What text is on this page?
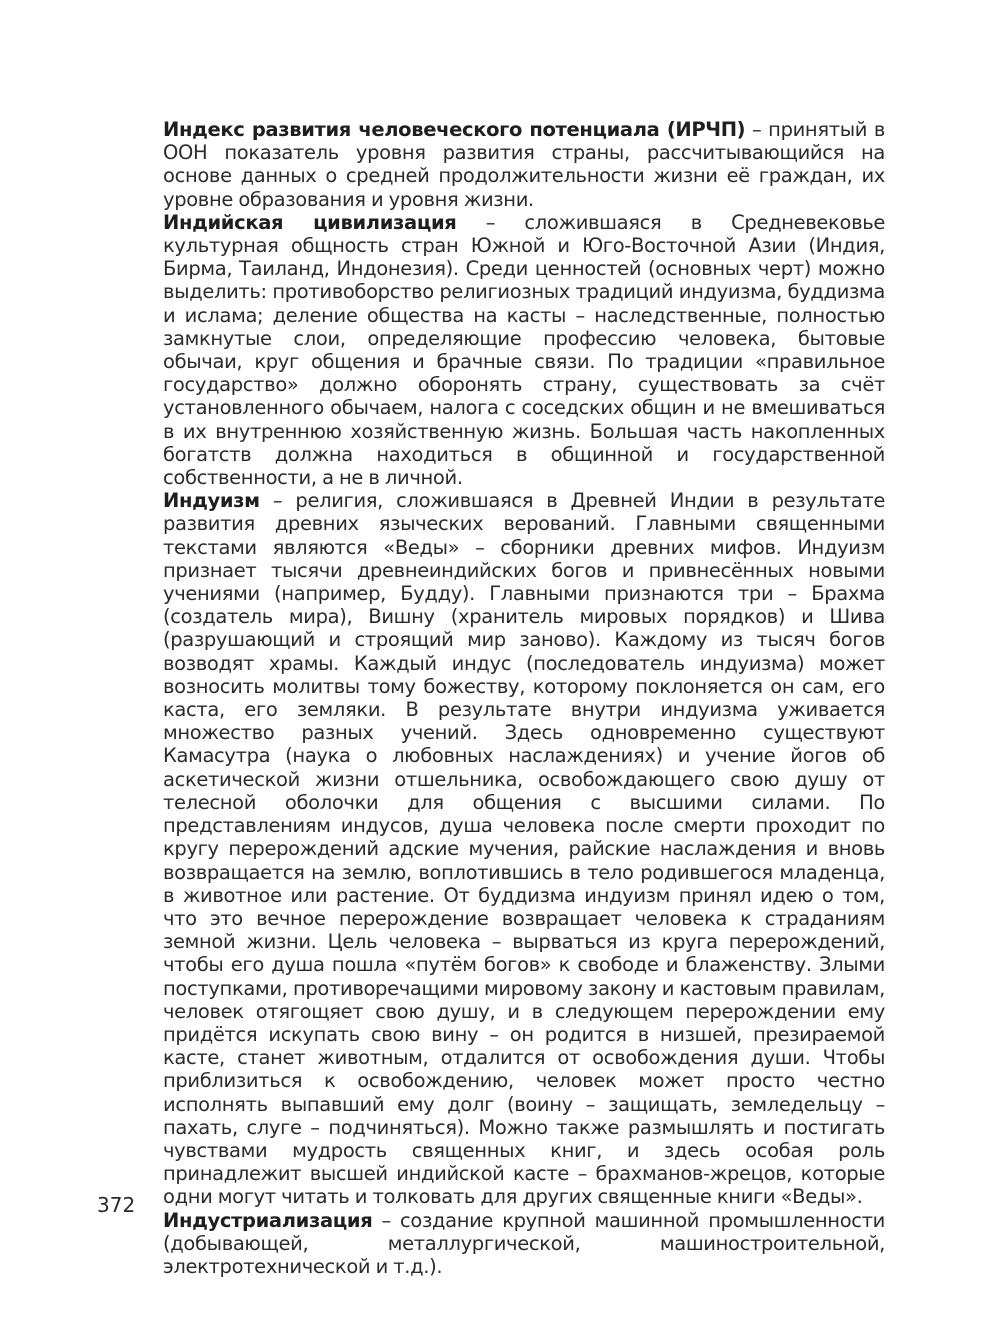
Индекс развития человеческого потенциала (ИРЧП) – принятый в ООН показатель уровня развития страны, рассчитывающийся на основе данных о средней продолжительности жизни её граждан, их уровне образования и уровня жизни.

Индийская цивилизация – сложившаяся в Средневековье культурная общность стран Южной и Юго-Восточной Азии (Индия, Бирма, Таиланд, Индонезия). Среди ценностей (основных черт) можно выделить: противоборство религиозных традиций индуизма, буддизма и ислама; деление общества на касты – наследственные, полностью замкнутые слои, определяющие профессию человека, бытовые обычаи, круг общения и брачные связи. По традиции «правильное государство» должно оборонять страну, существовать за счёт установленного обычаем, налога с соседских общин и не вмешиваться в их внутреннюю хозяйственную жизнь. Большая часть накопленных богатств должна находиться в общинной и государственной собственности, а не в личной.

Индуизм – религия, сложившаяся в Древней Индии в результате развития древних языческих верований. Главными священными текстами являются «Веды» – сборники древних мифов. Индуизм признает тысячи древнеиндийских богов и привнесённых новыми учениями (например, Будду). Главными признаются три – Брахма (создатель мира), Вишну (хранитель мировых порядков) и Шива (разрушающий и строящий мир заново). Каждому из тысяч богов возводят храмы. Каждый индус (последователь индуизма) может возносить молитвы тому божеству, которому поклоняется он сам, его каста, его земляки. В результате внутри индуизма уживается множество разных учений. Здесь одновременно существуют Камасутра (наука о любовных наслаждениях) и учение йогов об аскетической жизни отшельника, освобождающего свою душу от телесной оболочки для общения с высшими силами. По представлениям индусов, душа человека после смерти проходит по кругу перерождений адские мучения, райские наслаждения и вновь возвращается на землю, воплотившись в тело родившегося младенца, в животное или растение. От буддизма индуизм принял идею о том, что это вечное перерождение возвращает человека к страданиям земной жизни. Цель человека – вырваться из круга перерождений, чтобы его душа пошла «путём богов» к свободе и блаженству. Злыми поступками, противоречащими мировому закону и кастовым правилам, человек отягощяет свою душу, и в следующем перерождении ему придётся искупать свою вину – он родится в низшей, презираемой касте, станет животным, отдалится от освобождения души. Чтобы приблизиться к освобождению, человек может просто честно исполнять выпавший ему долг (воину – защищать, земледельцу – пахать, слуге – подчиняться). Можно также размышлять и постигать чувствами мудрость священных книг, и здесь особая роль принадлежит высшей индийской касте – брахманов-жрецов, которые одни могут читать и толковать для других священные книги «Веды».

Индустриализация – создание крупной машинной промышленности (добывающей, металлургической, машиностроительной, электротехнической и т.д.).

372
